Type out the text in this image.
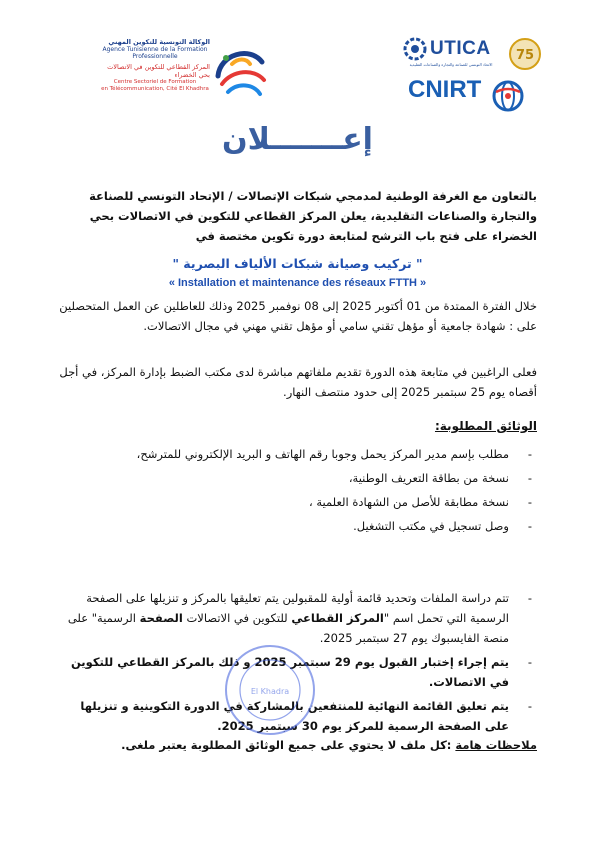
الوكالة التونسية للتكوين المهني
Agence Tunisienne de la Formation
Professionnelle
المركز القطاعي للتكوين في الاتصالات بحي الخضراء
Centre Sectoriel de Formation
en Télécommunication, Cité El Khadhra
UTICA
الاتحاد التونسي للصناعة والتجارة والصناعات التقليدية
75
CNIRT
إعـــــــلان
بالتعاون مع الغرفة الوطنية لمدمجي شبكات الإتصالات / الإتحاد التونسي للصناعة والتجارة والصناعات التقليدية، يعلن المركز القطاعي للتكوين في الاتصالات بحي الخضراء على فتح باب الترشح لمتابعة دورة تكوين مختصة في
" تركيب وصيانة شبكات الألياف البصرية "
« Installation et maintenance des réseaux FTTH »
خلال الفترة الممتدة من 01 أكتوبر 2025 إلى 08 نوفمبر 2025 وذلك للعاطلين عن العمل المتحصلين على : شهادة جامعية أو مؤهل تقني سامي أو مؤهل تقني مهني في مجال الاتصالات.
فعلى الراغبين في متابعة هذه الدورة تقديم ملفاتهم مباشرة لدى مكتب الضبط بإدارة المركز، في أجل أقصاه يوم 25 سبتمبر 2025 إلى حدود منتصف النهار.
الوثائق المطلوبة:
-
مطلب بإسم مدير المركز يحمل وجوبا رقم الهاتف و البريد الإلكتروني للمترشح،
-
نسخة من بطاقة التعريف الوطنية،
-
نسخة مطابقة للأصل من الشهادة العلمية ،
-
وصل تسجيل في مكتب التشغيل.
-
تتم دراسة الملفات وتحديد قائمة أولية للمقبولين يتم تعليقها بالمركز و تنزيلها على الصفحة الرسمية التي تحمل اسم "المركز القطاعي للتكوين في الاتصالات الصفحة الرسمية" على منصة الفايسبوك يوم 27 سبتمبر 2025.
-
يتم إجراء إختبار القبول يوم 29 سبتمبر 2025 و ذلك بالمركز القطاعي للتكوين في الاتصالات.
-
يتم تعليق القائمة النهائية للمنتفعين بالمشاركة في الدورة التكوينية و تنزيلها على الصفحة الرسمية للمركز يوم 30 سبتمبر 2025.
El Khadra
ملاحظات هامة :كل ملف لا يحتوي على جميع الوثائق المطلوبة يعتبر ملغى.
